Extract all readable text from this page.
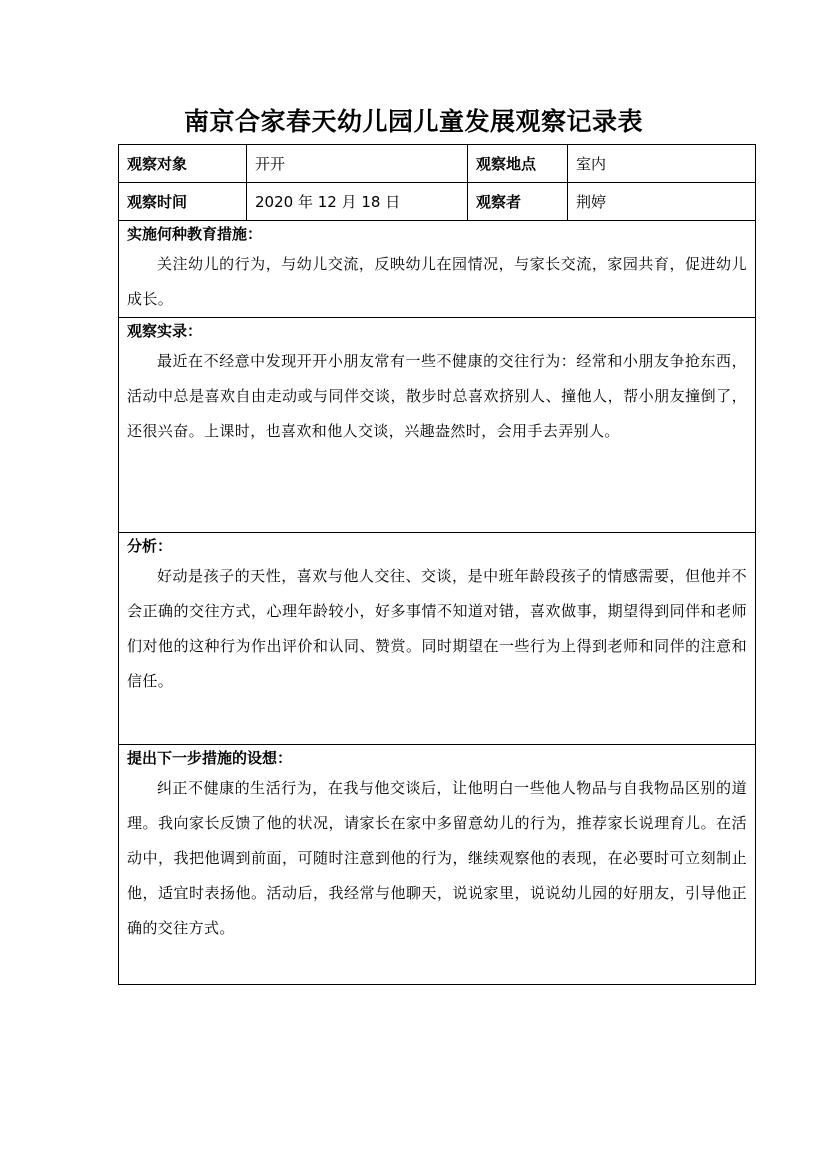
南京合家春天幼儿园儿童发展观察记录表
观察对象	开开	观察地点	室内
观察时间	2020 年 12 月 18 日	观察者	荆婷

实施何种教育措施：
关注幼儿的行为，与幼儿交流，反映幼儿在园情况，与家长交流，家园共育，促进幼儿成长。			

观察实录：
最近在不经意中发现开开小朋友常有一些不健康的交往行为：经常和小朋友争抢东西，活动中总是喜欢自由走动或与同伴交谈，散步时总喜欢挤别人、撞他人，帮小朋友撞倒了，还很兴奋。上课时，也喜欢和他人交谈，兴趣盎然时，会用手去弄别人。			

分析：
好动是孩子的天性，喜欢与他人交往、交谈，是中班年龄段孩子的情感需要，但他并不会正确的交往方式，心理年龄较小，好多事情不知道对错，喜欢做事，期望得到同伴和老师们对他的这种行为作出评价和认同、赞赏。同时期望在一些行为上得到老师和同伴的注意和信任。			

提出下一步措施的设想：
纠正不健康的生活行为，在我与他交谈后，让他明白一些他人物品与自我物品区别的道理。我向家长反馈了他的状况，请家长在家中多留意幼儿的行为，推荐家长说理育儿。在活动中，我把他调到前面，可随时注意到他的行为，继续观察他的表现，在必要时可立刻制止他，适宜时表扬他。活动后，我经常与他聊天，说说家里，说说幼儿园的好朋友，引导他正确的交往方式。			
